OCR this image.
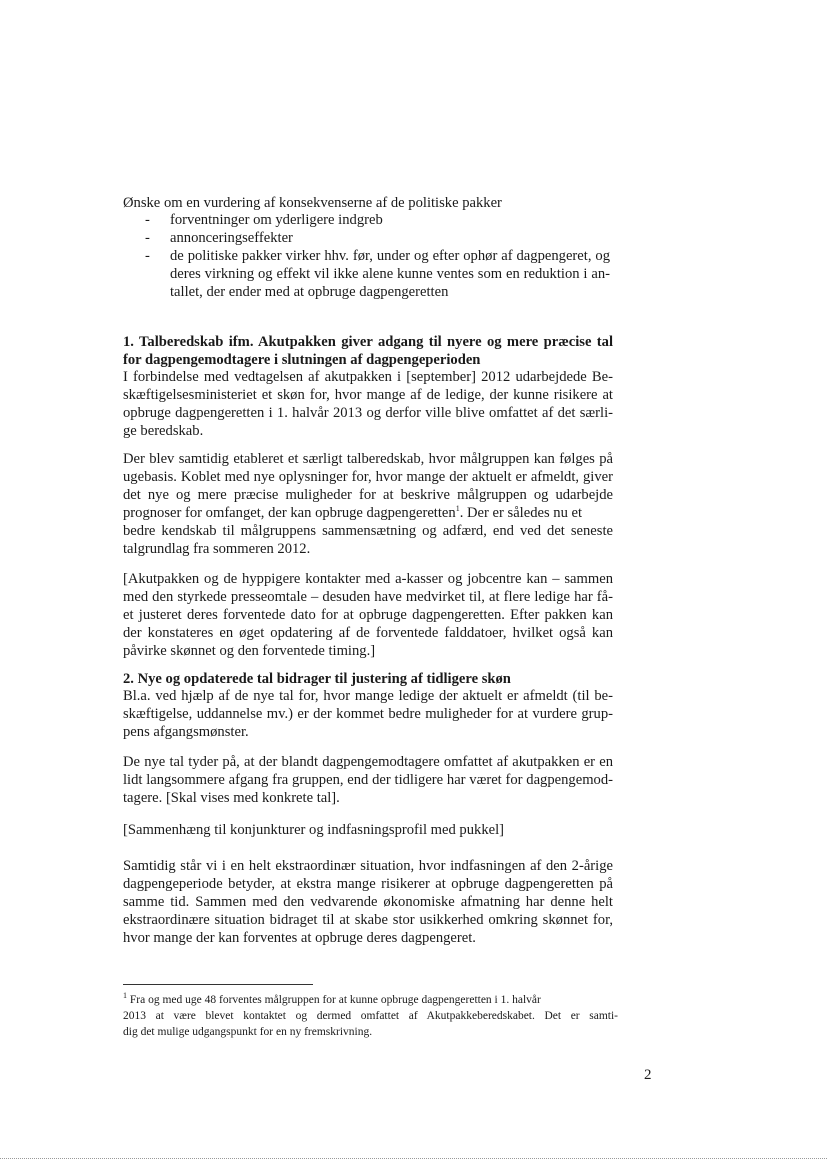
Ønske om en vurdering af konsekvenserne af de politiske pakker
- forventninger om yderligere indgreb
- annonceringseffekter
- de politiske pakker virker hhv. før, under og efter ophør af dagpengeret, og
deres virkning og effekt vil ikke alene kunne ventes som en reduktion i an-
tallet, der ender med at opbruge dagpengeretten
1. Talberedskab ifm. Akutpakken giver adgang til nyere og mere præcise tal
for dagpengemodtagere i slutningen af dagpengeperioden
I forbindelse med vedtagelsen af akutpakken i [september] 2012 udarbejdede Be-
skæftigelsesministeriet et skøn for, hvor mange af de ledige, der kunne risikere at
opbruge dagpengeretten i 1. halvår 2013 og derfor ville blive omfattet af det særli-
ge beredskab.
Der blev samtidig etableret et særligt talberedskab, hvor målgruppen kan følges på
ugebasis. Koblet med nye oplysninger for, hvor mange der aktuelt er afmeldt, giver
det nye og mere præcise muligheder for at beskrive målgruppen og udarbejde
prognoser for omfanget, der kan opbruge dagpengeretten$^1$. Der er således nu et
bedre kendskab til målgruppens sammensætning og adfærd, end ved det seneste
talgrundlag fra sommeren 2012.
[Akutpakken og de hyppigere kontakter med a-kasser og jobcentre kan – sammen
med den styrkede presseomtale – desuden have medvirket til, at flere ledige har få-
et justeret deres forventede dato for at opbruge dagpengeretten. Efter pakken kan
der konstateres en øget opdatering af de forventede falddatoer, hvilket også kan
påvirke skønnet og den forventede timing.]
2. Nye og opdaterede tal bidrager til justering af tidligere skøn
Bl.a. ved hjælp af de nye tal for, hvor mange ledige der aktuelt er afmeldt (til be-
skæftigelse, uddannelse mv.) er der kommet bedre muligheder for at vurdere grup-
pens afgangsmønster.
De nye tal tyder på, at der blandt dagpengemodtagere omfattet af akutpakken er en
lidt langsommere afgang fra gruppen, end der tidligere har været for dagpengemod-
tagere. [Skal vises med konkrete tal].
[Sammenhæng til konjunkturer og indfasningsprofil med pukkel]
Samtidig står vi i en helt ekstraordinær situation, hvor indfasningen af den 2-årige
dagpengeperiode betyder, at ekstra mange risikerer at opbruge dagpengeretten på
samme tid. Sammen med den vedvarende økonomiske afmatning har denne helt
ekstraordinære situation bidraget til at skabe stor usikkerhed omkring skønnet for,
hvor mange der kan forventes at opbruge deres dagpengeret.
$^1$ Fra og med uge 48 forventes målgruppen for at kunne opbruge dagpengeretten i 1. halvår
2013 at være blevet kontaktet og dermed omfattet af Akutpakkeberedskabet. Det er samti-
dig det mulige udgangspunkt for en ny fremskrivning.
2
